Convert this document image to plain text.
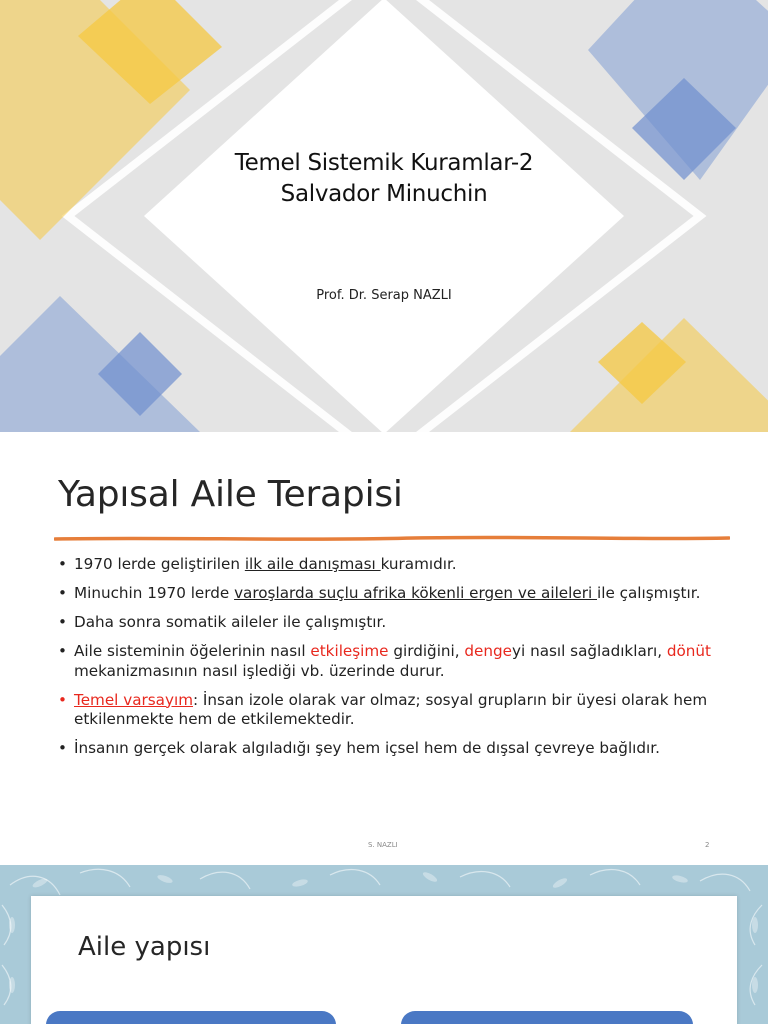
Temel Sistemik Kuramlar-2
Salvador Minuchin
Prof. Dr. Serap NAZLI
Yapısal Aile Terapisi
• 1970 lerde geliştirilen ilk aile danışması kuramıdır.
• Minuchin 1970 lerde varoşlarda suçlu afrika kökenli ergen ve aileleri ile çalışmıştır.
• Daha sonra somatik aileler ile çalışmıştır.
• Aile sisteminin öğelerinin nasıl etkileşime girdiğini, dengeyi nasıl sağladıkları, dönüt mekanizmasının nasıl işlediği vb. üzerinde durur.
• Temel varsayım: İnsan izole olarak var olmaz; sosyal grupların bir üyesi olarak hem etkilenmekte hem de etkilemektedir.
• İnsanın gerçek olarak algıladığı şey hem içsel hem de dışsal çevreye bağlıdır.
S. NAZLI	2
Aile yapısı
